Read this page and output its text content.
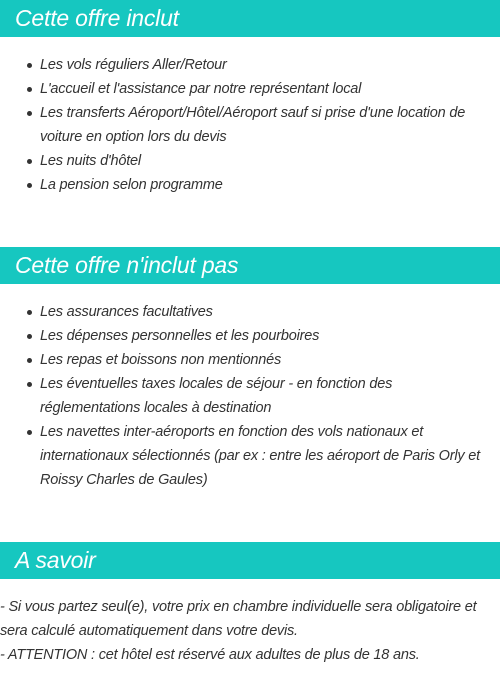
Cette offre inclut
Les vols réguliers Aller/Retour
L'accueil et l'assistance par notre représentant local
Les transferts Aéroport/Hôtel/Aéroport sauf si prise d'une location de voiture en option lors du devis
Les nuits d'hôtel
La pension selon programme
Cette offre n'inclut pas
Les assurances facultatives
Les dépenses personnelles et les pourboires
Les repas et boissons non mentionnés
Les éventuelles taxes locales de séjour - en fonction des réglementations locales à destination
Les navettes inter-aéroports en fonction des vols nationaux et internationaux sélectionnés (par ex : entre les aéroport de Paris Orly et Roissy Charles de Gaules)
A savoir
- Si vous partez seul(e), votre prix en chambre individuelle sera obligatoire et sera calculé automatiquement dans votre devis.
- ATTENTION : cet hôtel est réservé aux adultes de plus de 18 ans.
